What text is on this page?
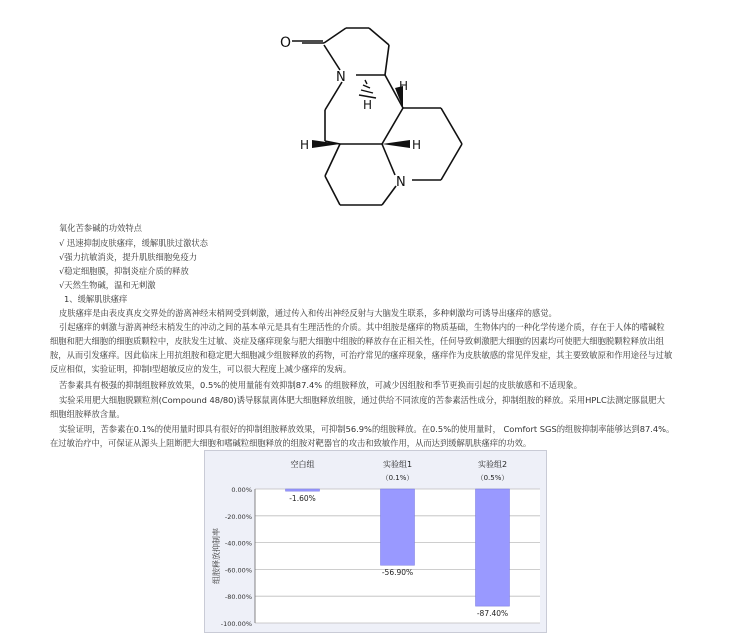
O
N
H
H
H	H
N
氧化苦参碱的功效特点
√ 迅速抑制皮肤瘙痒，缓解肌肤过激状态
√强力抗敏消炎，提升肌肤细胞免疫力
√稳定细胞膜，抑制炎症介质的释放
√天然生物碱，温和无刺激
1、缓解肌肤瘙痒
皮肤瘙痒是由表皮真皮交界处的游离神经末梢网受到刺激，通过传入和传出神经反射与大脑发生联系，多种刺激均可诱导出瘙痒的感觉。
引起瘙痒的刺激与游离神经末梢发生的冲动之间的基本单元是具有生理活性的介质。其中组胺是瘙痒的物质基础，生物体内的一种化学传递介质，存在于人体的嗜碱粒
细胞和肥大细胞的细胞质颗粒中，皮肤发生过敏、炎症及瘙痒现象与肥大细胞中组胺的释放存在正相关性，任何导致刺激肥大细胞的因素均可使肥大细胞脱颗粒释放出组
胺，从而引发瘙痒。因此临床上用抗组胺和稳定肥大细胞减少组胺释放的药物，可治疗常见的瘙痒现象，瘙痒作为皮肤敏感的常见伴发症，其主要致敏原和作用途径与过敏
反应相似，实验证明，抑制I型超敏反应的发生，可以很大程度上减少瘙痒的发病。
苦参素具有极强的抑制组胺释放效果，0.5%的使用量能有效抑制87.4% 的组胺释放，可减少因组胺和季节更换而引起的皮肤敏感和不适现象。
实验采用肥大细胞脱颗粒剂(Compound 48/80)诱导豚鼠离体肥大细胞释放组胺，通过供给不同浓度的苦参素活性成分，抑制组胺的释放。采用HPLC法测定豚鼠肥大
细胞组胺释放含量。
实验证明，苦参素在0.1%的使用量时即具有很好的抑制组胺释放效果，可抑制56.9%的组胺释放。在0.5%的使用量时， Comfort SGS的组胺抑制率能够达到87.4%。
在过敏治疗中，可保证从源头上阻断肥大细胞和嗜碱粒细胞释放的组胺对靶器官的攻击和致敏作用，从而达到缓解肌肤瘙痒的功效。
0.00%
-20.00%
-40.00%
-60.00%
-80.00%
-100.00%
组胺释放抑制率
-1.60%
空白组
-56.90%
实验组1
（0.1%）
-87.40%
实验组2
（0.5%）
